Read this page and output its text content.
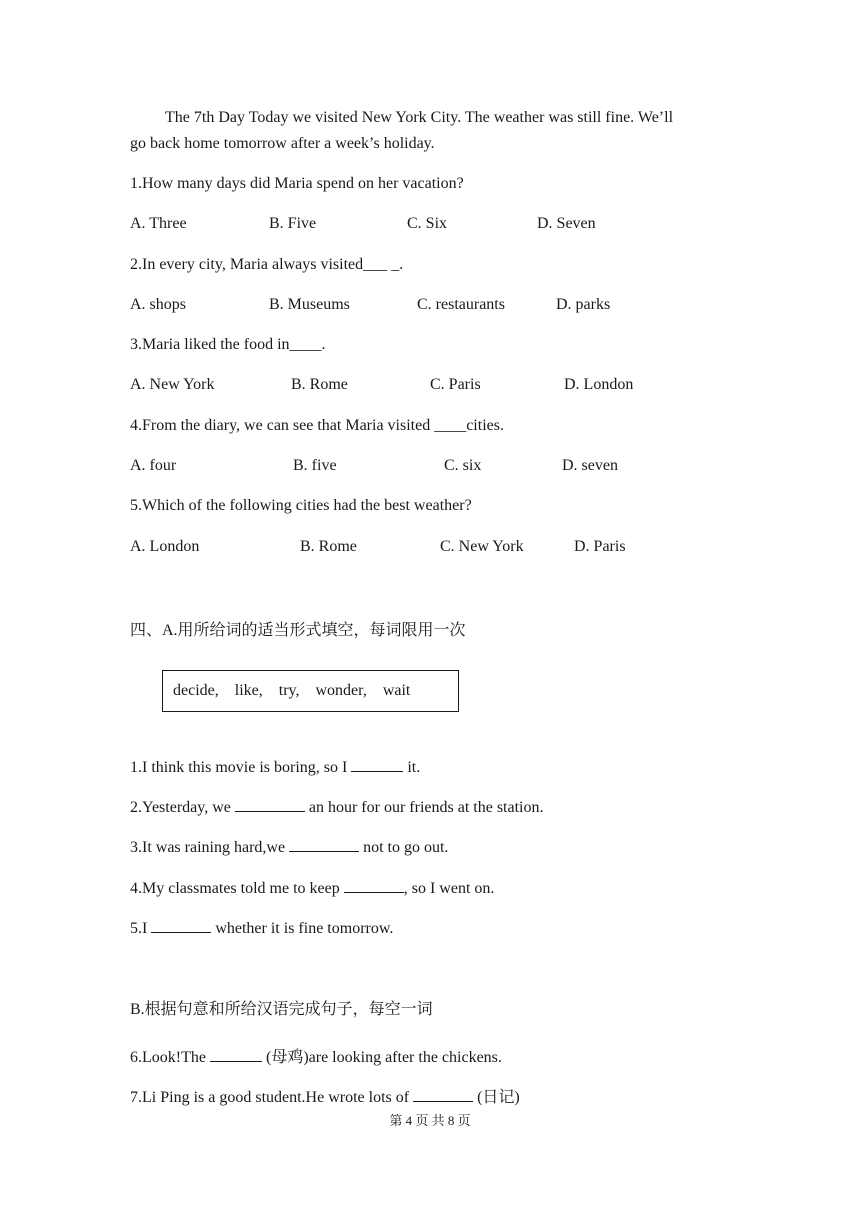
The 7th Day Today we visited New York City. The weather was still fine. We’ll
go back home tomorrow after a week’s holiday.
1.How many days did Maria spend on her vacation?
A. Three	B. Five	C. Six	D. Seven
2.In every city, Maria always visited___ _.
A. shops	B. Museums	C. restaurants	D. parks
3.Maria liked the food in____.
A. New York	B. Rome	C. Paris	D. London
4.From the diary, we can see that Maria visited ____cities.
A. four	B. five	C. six	D. seven
5.Which of the following cities had the best weather?
A. London	B. Rome	C. New York	D. Paris
四、A.用所给词的适当形式填空，每词限用一次
decide,    like,    try,    wonder,    wait
1.I think this movie is boring, so I	it.
2.Yesterday, we	an hour for our friends at the station.
3.It was raining hard,we	not to go out.
4.My classmates told me to keep	, so I went on.
5.I	whether it is fine tomorrow.
B.根据句意和所给汉语完成句子，每空一词
6.Look!The	(母鸡)are looking after the chickens.
7.Li Ping is a good student.He wrote lots of	(日记)
第 4 页 共 8 页
